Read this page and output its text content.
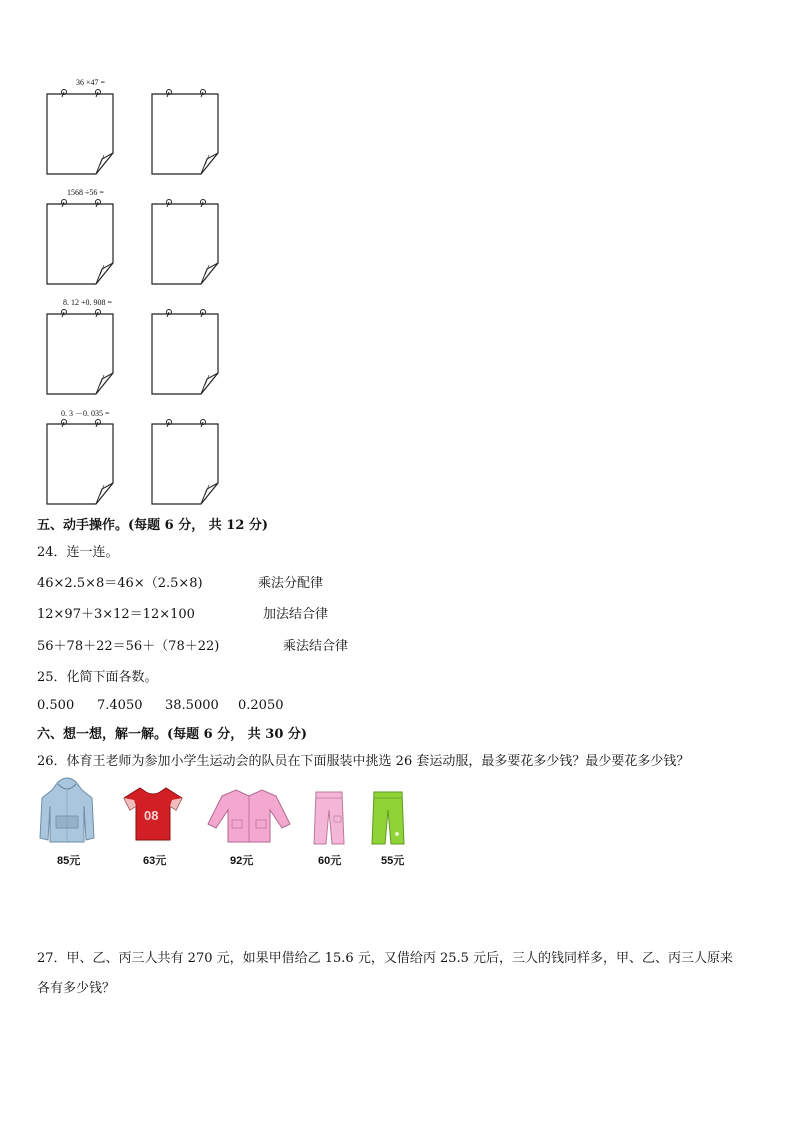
36 ×47 =
1568 ÷56 =
8. 12 +0. 908 =
0. 3 －0. 035 =
五、动手操作。(每题 6 分， 共 12 分)
24．连一连。
46×2.5×8＝46×（2.5×8)
12×97＋3×12＝12×100
56＋78＋22＝56＋（78＋22)
乘法分配律
加法结合律
乘法结合律
25．化简下面各数。
0.500 7.4050 38.5000 0.2050
六、想一想，解一解。(每题 6 分， 共 30 分)
26．体育王老师为参加小学生运动会的队员在下面服装中挑选 26 套运动服，最多要花多少钱？最少要花多少钱？
85元
08
63元	92元	60元	55元
27．甲、乙、丙三人共有 270 元，如果甲借给乙 15.6 元，又借给丙 25.5 元后，三人的钱同样多，甲、乙、丙三人原来
各有多少钱？
